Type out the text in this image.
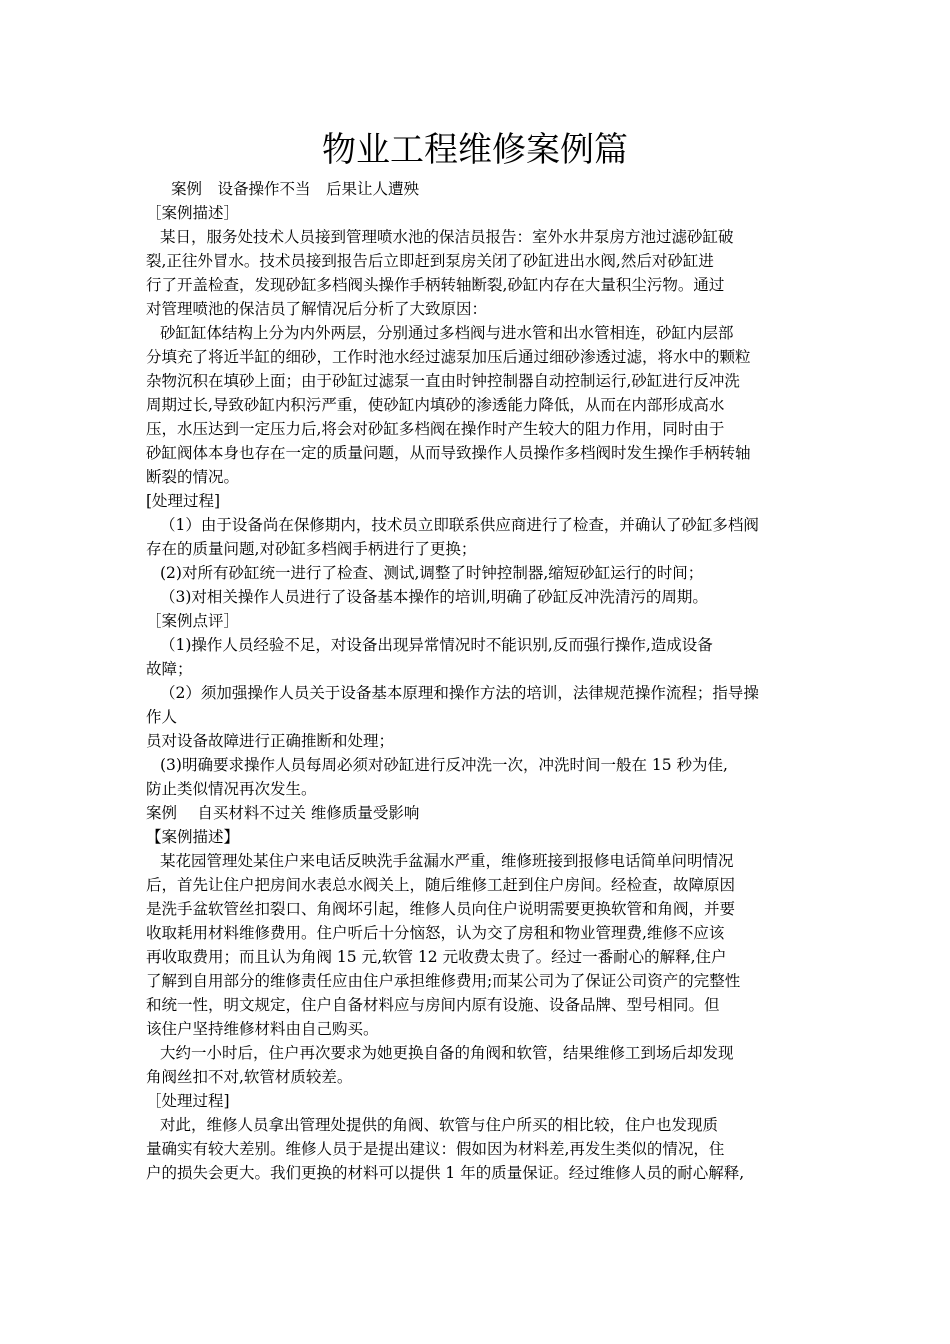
物业工程维修案例篇
案例　设备操作不当　后果让人遭殃
［案例描述］
某日，服务处技术人员接到管理喷水池的保洁员报告：室外水井泵房方池过滤砂缸破
裂,正往外冒水。技术员接到报告后立即赶到泵房关闭了砂缸进出水阀,然后对砂缸进
行了开盖检查，发现砂缸多档阀头操作手柄转轴断裂,砂缸内存在大量积尘污物。通过
对管理喷池的保洁员了解情况后分析了大致原因：
砂缸缸体结构上分为内外两层，分别通过多档阀与进水管和出水管相连，砂缸内层部
分填充了将近半缸的细砂，工作时池水经过滤泵加压后通过细砂渗透过滤，将水中的颗粒
杂物沉积在填砂上面；由于砂缸过滤泵一直由时钟控制器自动控制运行,砂缸进行反冲洗
周期过长,导致砂缸内积污严重，使砂缸内填砂的渗透能力降低，从而在内部形成高水
压，水压达到一定压力后,将会对砂缸多档阀在操作时产生较大的阻力作用，同时由于
砂缸阀体本身也存在一定的质量问题，从而导致操作人员操作多档阀时发生操作手柄转轴
断裂的情况。
[处理过程]
（1）由于设备尚在保修期内，技术员立即联系供应商进行了检查，并确认了砂缸多档阀
存在的质量问题,对砂缸多档阀手柄进行了更换；
(2)对所有砂缸统一进行了检查、测试,调整了时钟控制器,缩短砂缸运行的时间；
（3)对相关操作人员进行了设备基本操作的培训,明确了砂缸反冲洗清污的周期。
［案例点评］
（1)操作人员经验不足，对设备出现异常情况时不能识别,反而强行操作,造成设备
故障；
（2）须加强操作人员关于设备基本原理和操作方法的培训，法律规范操作流程；指导操
作人
员对设备故障进行正确推断和处理；
(3)明确要求操作人员每周必须对砂缸进行反冲洗一次，冲洗时间一般在 15 秒为佳,
防止类似情况再次发生。
案例　 自买材料不过关 维修质量受影响
【案例描述】
某花园管理处某住户来电话反映洗手盆漏水严重，维修班接到报修电话简单问明情况
后，首先让住户把房间水表总水阀关上，随后维修工赶到住户房间。经检查，故障原因
是洗手盆软管丝扣裂口、角阀坏引起，维修人员向住户说明需要更换软管和角阀，并要
收取耗用材料维修费用。住户听后十分恼怒，认为交了房租和物业管理费,维修不应该
再收取费用；而且认为角阀 15 元,软管 12 元收费太贵了。经过一番耐心的解释,住户
了解到自用部分的维修责任应由住户承担维修费用;而某公司为了保证公司资产的完整性
和统一性，明文规定，住户自备材料应与房间内原有设施、设备品牌、型号相同。但
该住户坚持维修材料由自己购买。
大约一小时后，住户再次要求为她更换自备的角阀和软管，结果维修工到场后却发现
角阀丝扣不对,软管材质较差。
［处理过程]
对此，维修人员拿出管理处提供的角阀、软管与住户所买的相比较，住户也发现质
量确实有较大差别。维修人员于是提出建议：假如因为材料差,再发生类似的情况，住
户的损失会更大。我们更换的材料可以提供 1 年的质量保证。经过维修人员的耐心解释,
